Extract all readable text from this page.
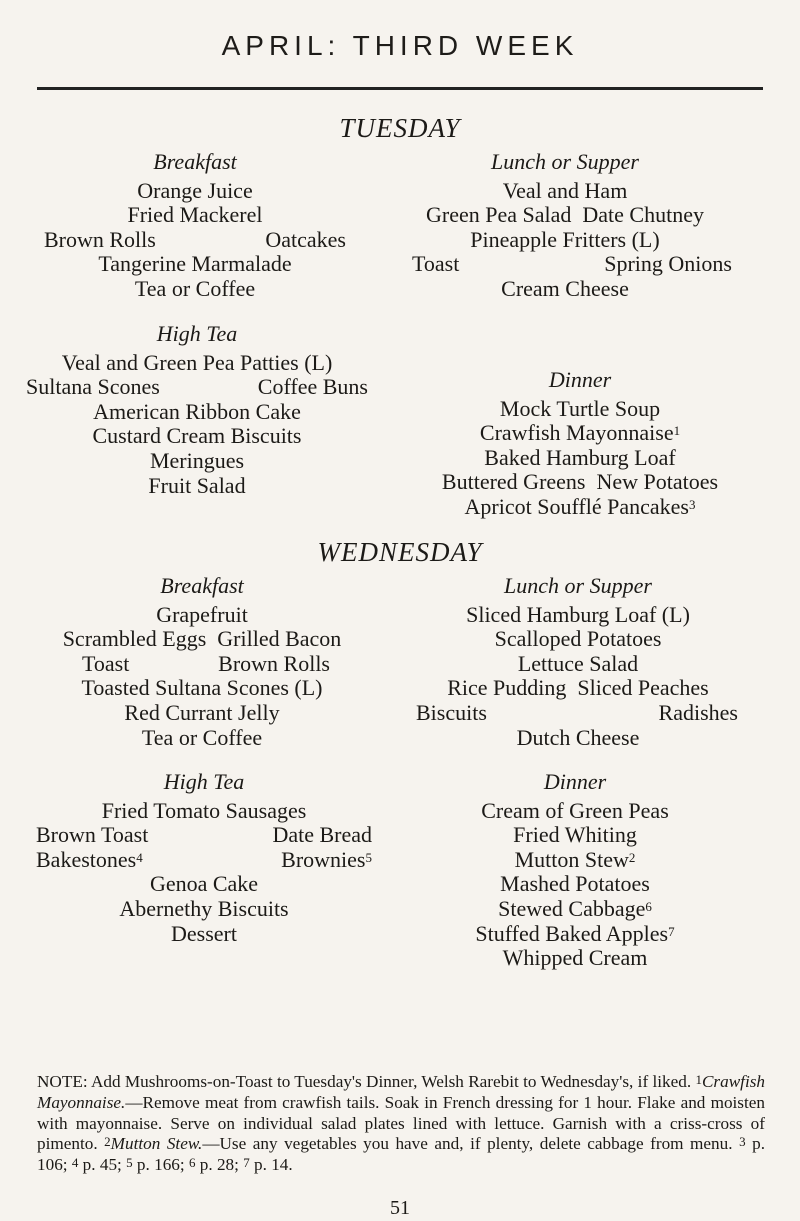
APRIL: THIRD WEEK
TUESDAY
Breakfast
Orange Juice
Fried Mackerel
Brown Rolls	Oatcakes
Tangerine Marmalade
Tea or Coffee
Lunch or Supper
Veal and Ham
Green Pea Salad  Date Chutney
Pineapple Fritters (L)
Toast	Spring Onions
Cream Cheese
High Tea
Veal and Green Pea Patties (L)
Sultana Scones	Coffee Buns
American Ribbon Cake
Custard Cream Biscuits
Meringues
Fruit Salad
Dinner
Mock Turtle Soup
Crawfish Mayonnaise$^1$
Baked Hamburg Loaf
Buttered Greens  New Potatoes
Apricot Soufflé Pancakes$^3$
WEDNESDAY
Breakfast
Grapefruit
Scrambled Eggs  Grilled Bacon
Toast	Brown Rolls
Toasted Sultana Scones (L)
Red Currant Jelly
Tea or Coffee
Lunch or Supper
Sliced Hamburg Loaf (L)
Scalloped Potatoes
Lettuce Salad
Rice Pudding  Sliced Peaches
Biscuits	Radishes
Dutch Cheese
High Tea
Fried Tomato Sausages
Brown Toast	Date Bread
Bakestones$^4$	Brownies$^5$
Genoa Cake
Abernethy Biscuits
Dessert
Dinner
Cream of Green Peas
Fried Whiting
Mutton Stew$^2$
Mashed Potatoes
Stewed Cabbage$^6$
Stuffed Baked Apples$^7$
Whipped Cream
NOTE: Add Mushrooms-on-Toast to Tuesday's Dinner, Welsh Rarebit to Wednesday's, if liked. $^1$Crawfish Mayonnaise.—Remove meat from crawfish tails. Soak in French dressing for 1 hour. Flake and moisten with mayonnaise. Serve on individual salad plates lined with lettuce. Garnish with a criss-cross of pimento. $^2$Mutton Stew.—Use any vegetables you have and, if plenty, delete cabbage from menu. $^3$ p. 106; $^4$ p. 45; $^5$ p. 166; $^6$ p. 28; $^7$ p. 14.
51
